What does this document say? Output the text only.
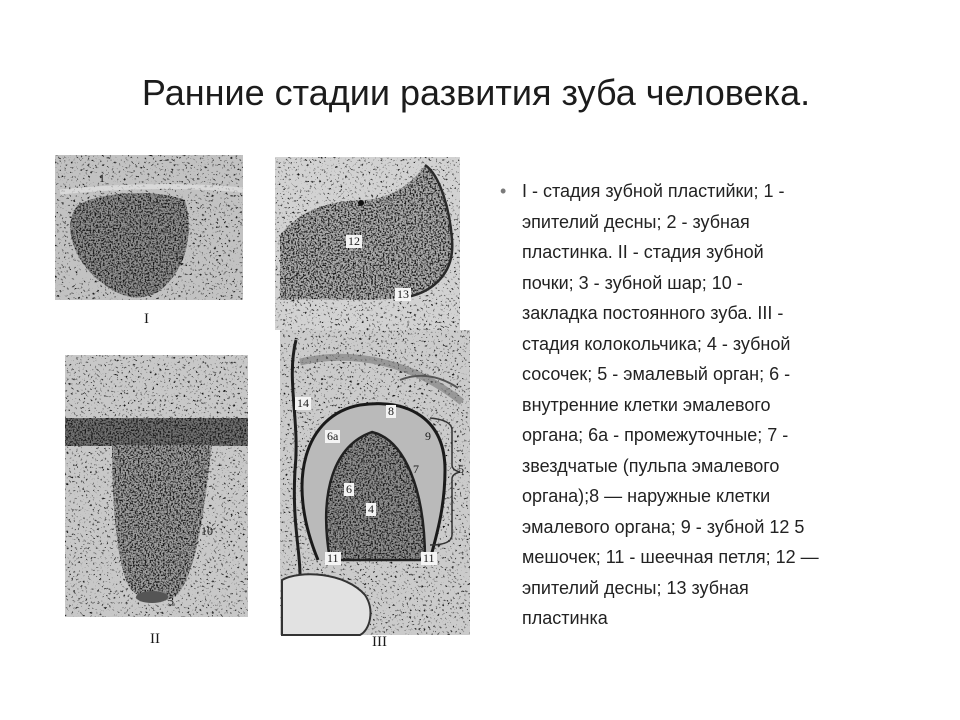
Ранние стадии развития зуба человека.
1
2
I
10
3
II
12
13
14
8
9
6a
7	5
6
4
11	11
III
• I - стадия зубной пластийки; 1 -
эпителий десны; 2 - зубная
пластинка. II - стадия зубной
почки; 3 - зубной шар; 10 -
закладка постоянного зуба. III -
стадия колокольчика; 4 - зубной
сосочек; 5 - эмалевый орган; 6 -
внутренние клетки эмалевого
органа; 6а - промежуточные; 7 -
звездчатые (пульпа эмалевого
органа);8 — наружные клетки
эмалевого органа; 9 - зубной 12 5
мешочек; 11 - шеечная петля; 12 —
эпителий десны; 13 зубная
пластинка
